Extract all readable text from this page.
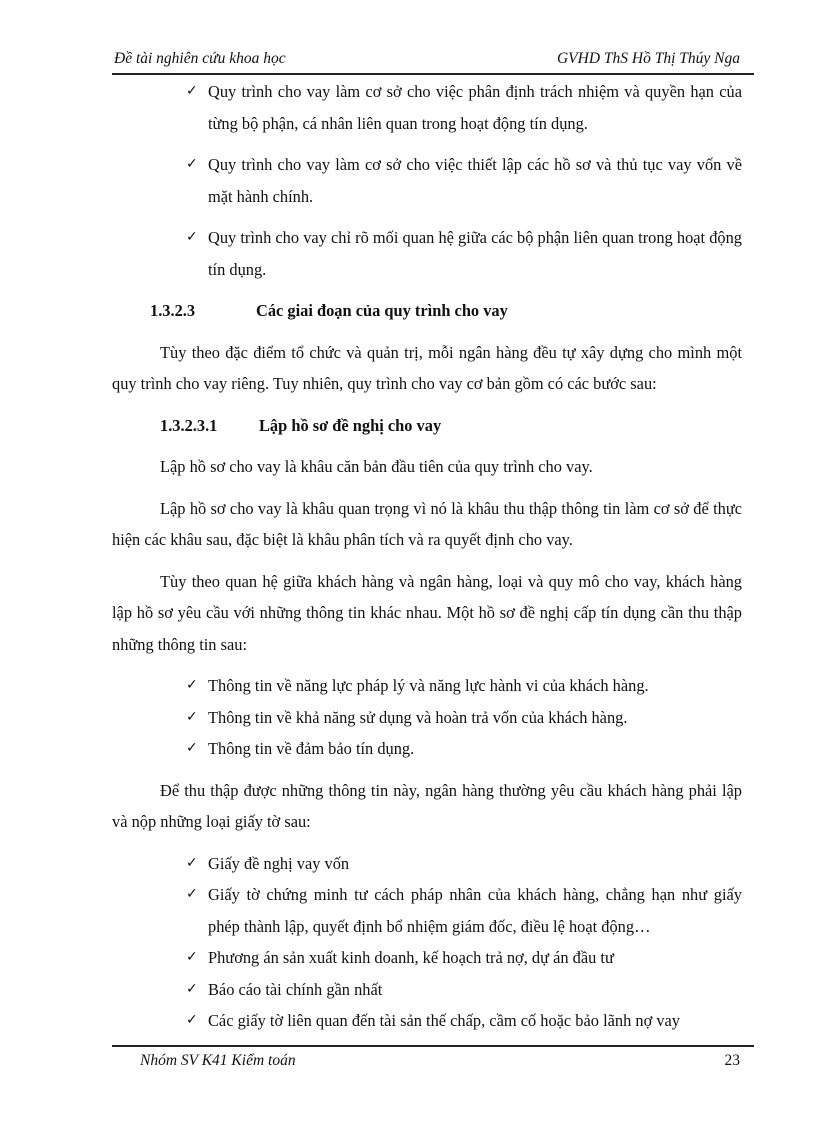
Đề tài nghiên cứu khoa học	GVHD ThS Hồ Thị Thúy Nga
✓ Quy trình cho vay làm cơ sở cho việc phân định trách nhiệm và quyền hạn của từng bộ phận, cá nhân liên quan trong hoạt động tín dụng.
✓ Quy trình cho vay làm cơ sở cho việc thiết lập các hồ sơ và thủ tục vay vốn về mặt hành chính.
✓ Quy trình cho vay chỉ rõ mối quan hệ giữa các bộ phận liên quan trong hoạt động tín dụng.
1.3.2.3	Các giai đoạn của quy trình cho vay

Tùy theo đặc điểm tổ chức và quản trị, mỗi ngân hàng đều tự xây dựng cho mình một quy trình cho vay riêng. Tuy nhiên, quy trình cho vay cơ bản gồm có các bước sau:

1.3.2.3.1	Lập hồ sơ đề nghị cho vay

Lập hồ sơ cho vay là khâu căn bản đầu tiên của quy trình cho vay.

Lập hồ sơ cho vay là khâu quan trọng vì nó là khâu thu thập thông tin làm cơ sở để thực hiện các khâu sau, đặc biệt là khâu phân tích và ra quyết định cho vay.

Tùy theo quan hệ giữa khách hàng và ngân hàng, loại và quy mô cho vay, khách hàng lập hồ sơ yêu cầu với những thông tin khác nhau. Một hồ sơ đề nghị cấp tín dụng cần thu thập những thông tin sau:

✓ Thông tin về năng lực pháp lý và năng lực hành vi của khách hàng.
✓ Thông tin về khả năng sử dụng và hoàn trả vốn của khách hàng.
✓ Thông tin về đảm bảo tín dụng.

Để thu thập được những thông tin này, ngân hàng thường yêu cầu khách hàng phải lập và nộp những loại giấy tờ sau:

✓ Giấy đề nghị vay vốn
✓ Giấy tờ chứng minh tư cách pháp nhân của khách hàng, chẳng hạn như giấy phép thành lập, quyết định bổ nhiệm giám đốc, điều lệ hoạt động…
✓ Phương án sản xuất kinh doanh, kế hoạch trả nợ, dự án đầu tư
✓ Báo cáo tài chính gần nhất
✓ Các giấy tờ liên quan đến tài sản thế chấp, cầm cố hoặc bảo lãnh nợ vay
Nhóm SV K41 Kiểm toán	23
